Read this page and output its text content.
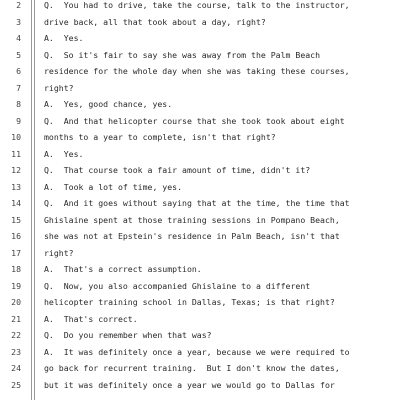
2	Q.  You had to drive, take the course, talk to the instructor,
3	drive back, all that took about a day, right?
4	A.  Yes.
5	Q.  So it's fair to say she was away from the Palm Beach
6	residence for the whole day when she was taking these courses,
7	right?
8	A.  Yes, good chance, yes.
9	Q.  And that helicopter course that she took took about eight
10	months to a year to complete, isn't that right?
11	A.  Yes.
12	Q.  That course took a fair amount of time, didn't it?
13	A.  Took a lot of time, yes.
14	Q.  And it goes without saying that at the time, the time that
15	Ghislaine spent at those training sessions in Pompano Beach,
16	she was not at Epstein's residence in Palm Beach, isn't that
17	right?
18	A.  That's a correct assumption.
19	Q.  Now, you also accompanied Ghislaine to a different
20	helicopter training school in Dallas, Texas; is that right?
21	A.  That's correct.
22	Q.  Do you remember when that was?
23	A.  It was definitely once a year, because we were required to
24	go back for recurrent training.  But I don't know the dates,
25	but it was definitely once a year we would go to Dallas for
